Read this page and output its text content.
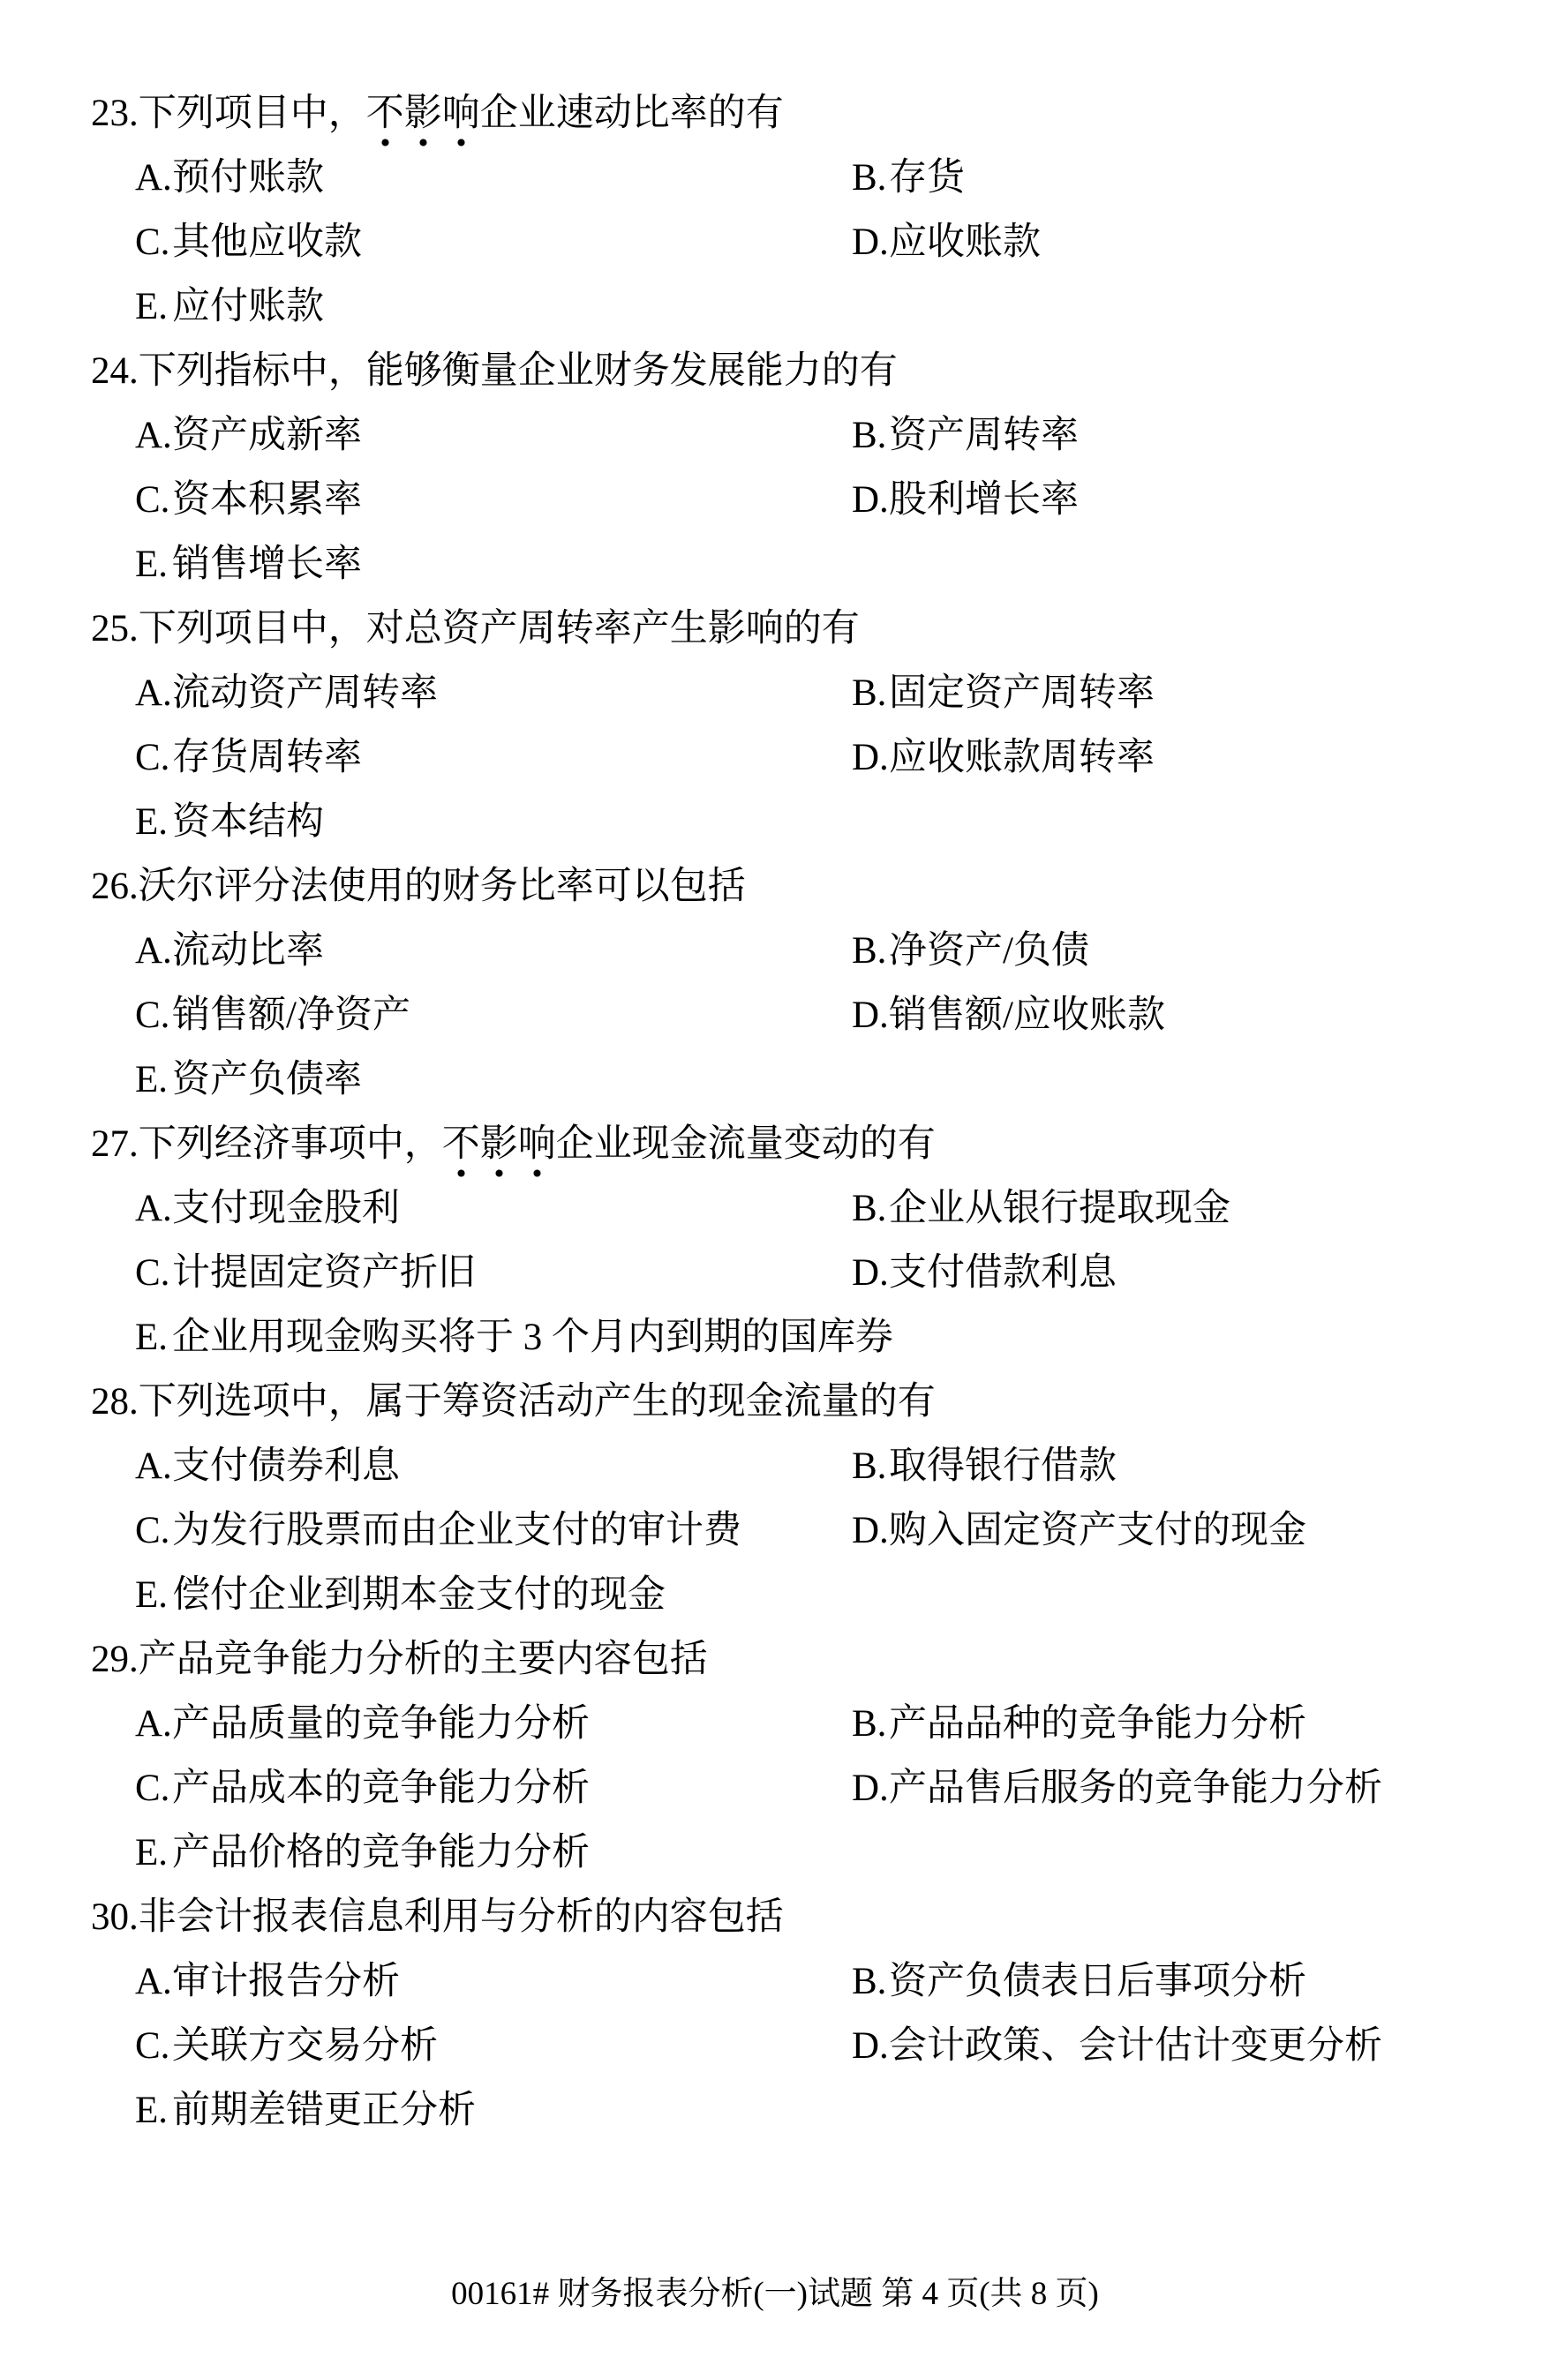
23.下列项目中，不影响企业速动比率的有
A.预付账款	B.存货
C.其他应收款	D.应收账款
E. 应付账款
24.下列指标中，能够衡量企业财务发展能力的有
A.资产成新率	B.资产周转率
C.资本积累率	D.股利增长率
E. 销售增长率
25.下列项目中，对总资产周转率产生影响的有
A.流动资产周转率	B.固定资产周转率
C.存货周转率	D.应收账款周转率
E. 资本结构
26.沃尔评分法使用的财务比率可以包括
A.流动比率	B.净资产/负债
C.销售额/净资产	D.销售额/应收账款
E. 资产负债率
27.下列经济事项中，不影响企业现金流量变动的有
A.支付现金股利	B.企业从银行提取现金
C.计提固定资产折旧	D.支付借款利息
E. 企业用现金购买将于 3 个月内到期的国库券
28.下列选项中，属于筹资活动产生的现金流量的有
A.支付债券利息	B.取得银行借款
C.为发行股票而由企业支付的审计费	D.购入固定资产支付的现金
E. 偿付企业到期本金支付的现金
29.产品竞争能力分析的主要内容包括
A.产品质量的竞争能力分析	B.产品品种的竞争能力分析
C.产品成本的竞争能力分析	D.产品售后服务的竞争能力分析
E. 产品价格的竞争能力分析
30.非会计报表信息利用与分析的内容包括
A.审计报告分析	B.资产负债表日后事项分析
C.关联方交易分析	D.会计政策、会计估计变更分析
E. 前期差错更正分析
00161# 财务报表分析(一)试题 第 4 页(共 8 页)
